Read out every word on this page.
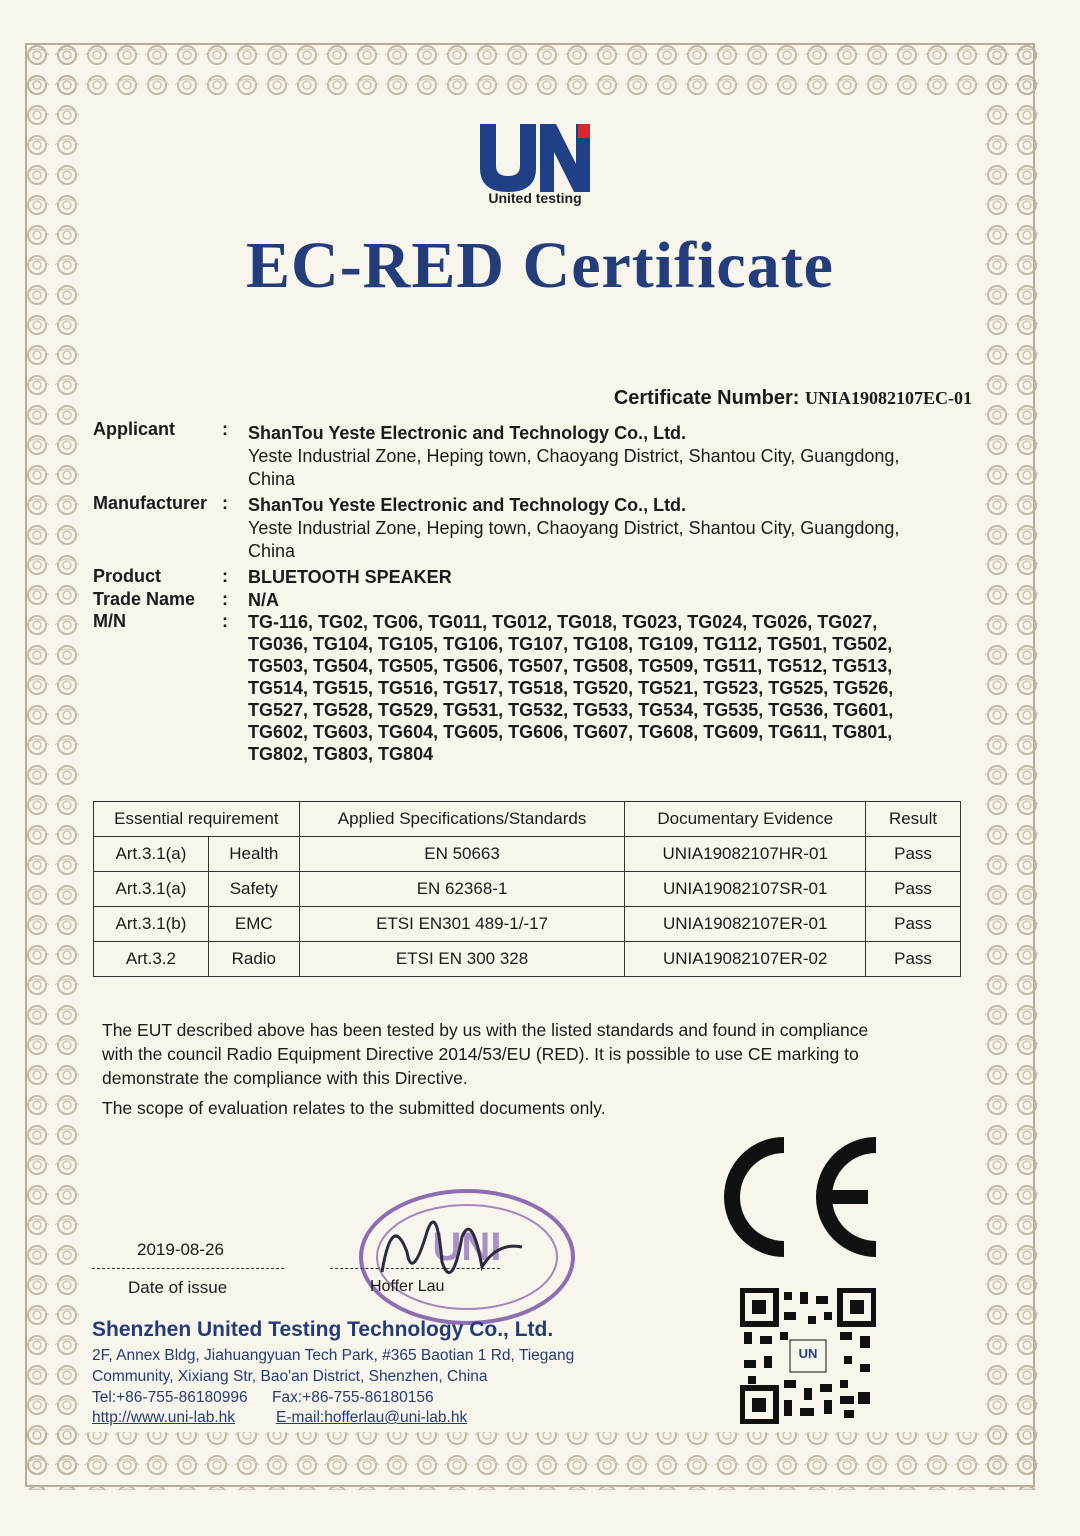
United testing
EC-RED Certificate
Certificate Number: UNIA19082107EC-01
Applicant	: ShanTou Yeste Electronic and Technology Co., Ltd.
Yeste Industrial Zone, Heping town, Chaoyang District, Shantou City, Guangdong,
China
Manufacturer : ShanTou Yeste Electronic and Technology Co., Ltd.
Yeste Industrial Zone, Heping town, Chaoyang District, Shantou City, Guangdong,
China
Product	: BLUETOOTH SPEAKER
Trade Name : N/A
M/N	: TG-116, TG02, TG06, TG011, TG012, TG018, TG023, TG024, TG026, TG027,
TG036, TG104, TG105, TG106, TG107, TG108, TG109, TG112, TG501, TG502,
TG503, TG504, TG505, TG506, TG507, TG508, TG509, TG511, TG512, TG513,
TG514, TG515, TG516, TG517, TG518, TG520, TG521, TG523, TG525, TG526,
TG527, TG528, TG529, TG531, TG532, TG533, TG534, TG535, TG536, TG601,
TG602, TG603, TG604, TG605, TG606, TG607, TG608, TG609, TG611, TG801,
TG802, TG803, TG804
Essential requirement		Applied Specifications/Standards	Documentary Evidence	Result
Art.3.1(a)	Health	EN 50663	UNIA19082107HR-01	Pass
Art.3.1(a)	Safety	EN 62368-1	UNIA19082107SR-01	Pass
Art.3.1(b)	EMC	ETSI EN301 489-1/-17	UNIA19082107ER-01	Pass
Art.3.2	Radio	ETSI EN 300 328	UNIA19082107ER-02	Pass
The EUT described above has been tested by us with the listed standards and found in compliance
with the council Radio Equipment Directive 2014/53/EU (RED). It is possible to use CE marking to
demonstrate the compliance with this Directive.
The scope of evaluation relates to the submitted documents only.
2019-08-26
Date of issue
UNI
Hoffer Lau
Shenzhen United Testing Technology Co., Ltd.
2F, Annex Bldg, Jiahuangyuan Tech Park, #365 Baotian 1 Rd, Tiegang
Community, Xixiang Str, Bao'an District, Shenzhen, China
Tel:+86-755-86180996 Fax:+86-755-86180156
http://www.uni-lab.hk	E-mail:hofferlau@uni-lab.hk
UN
